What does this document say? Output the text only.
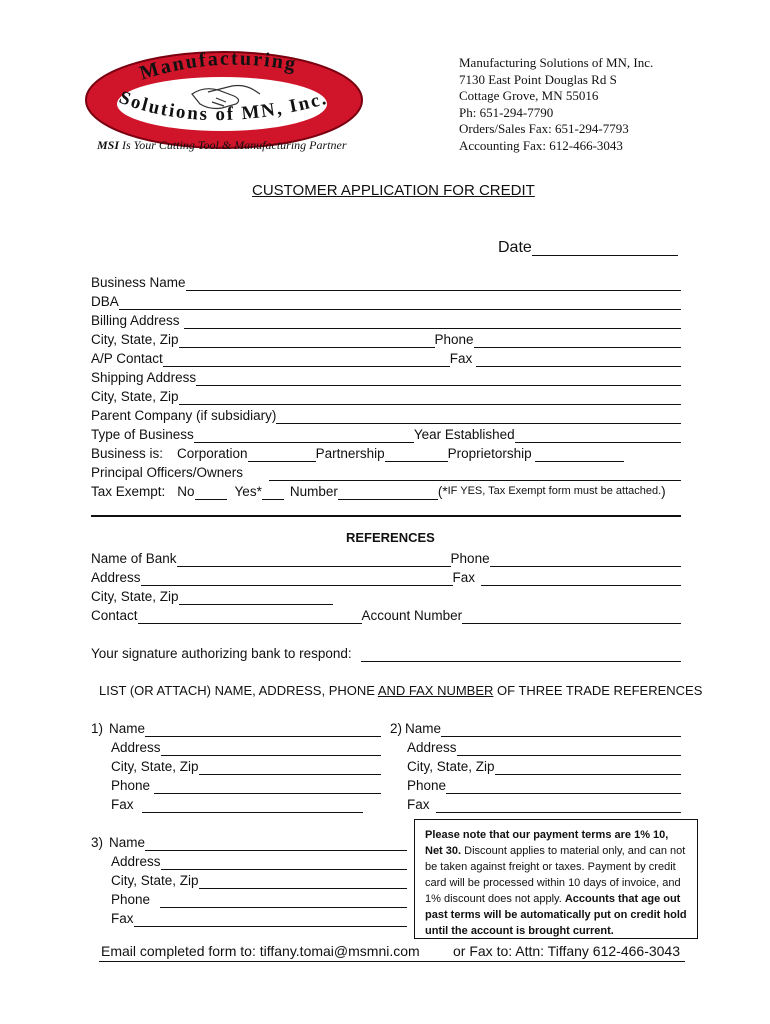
Manufacturing
Solutions of MN, Inc.
MSI Is Your Cutting Tool & Manufacturing Partner
Manufacturing Solutions of MN, Inc.
7130 East Point Douglas Rd S
Cottage Grove, MN 55016
Ph: 651-294-7790
Orders/Sales Fax: 651-294-7793
Accounting Fax: 612-466-3043
CUSTOMER APPLICATION FOR CREDIT
Date
Business Name
DBA
Billing Address
City, State, Zip	Phone
A/P Contact	Fax
Shipping Address
City, State, Zip
Parent Company (if subsidiary)
Type of Business	Year Established
Business is: Corporation	Partnership	Proprietorship
Principal Officers/Owners
Tax Exempt: No	Yes* Number	(* IF YES, Tax Exempt form must be attached. )
REFERENCES
Name of Bank	Phone
Address	Fax
City, State, Zip
Contact	Account Number
Your signature authorizing bank to respond:
LIST (OR ATTACH) NAME, ADDRESS, PHONE AND FAX NUMBER OF THREE TRADE REFERENCES
1) Name
Address
City, State, Zip
Phone
Fax
2) Name
Address
City, State, Zip
Phone
Fax
3) Name
Address
City, State, Zip
Phone
Fax
Please note that our payment terms are 1% 10, Net 30. Discount applies to material only, and can not be taken against freight or taxes. Payment by credit card will be processed within 10 days of invoice, and 1% discount does not apply. Accounts that age out past terms will be automatically put on credit hold until the account is brought current.
Email completed form to: tiffany.tomai@msmni.com or Fax to: Attn: Tiffany 612-466-3043
